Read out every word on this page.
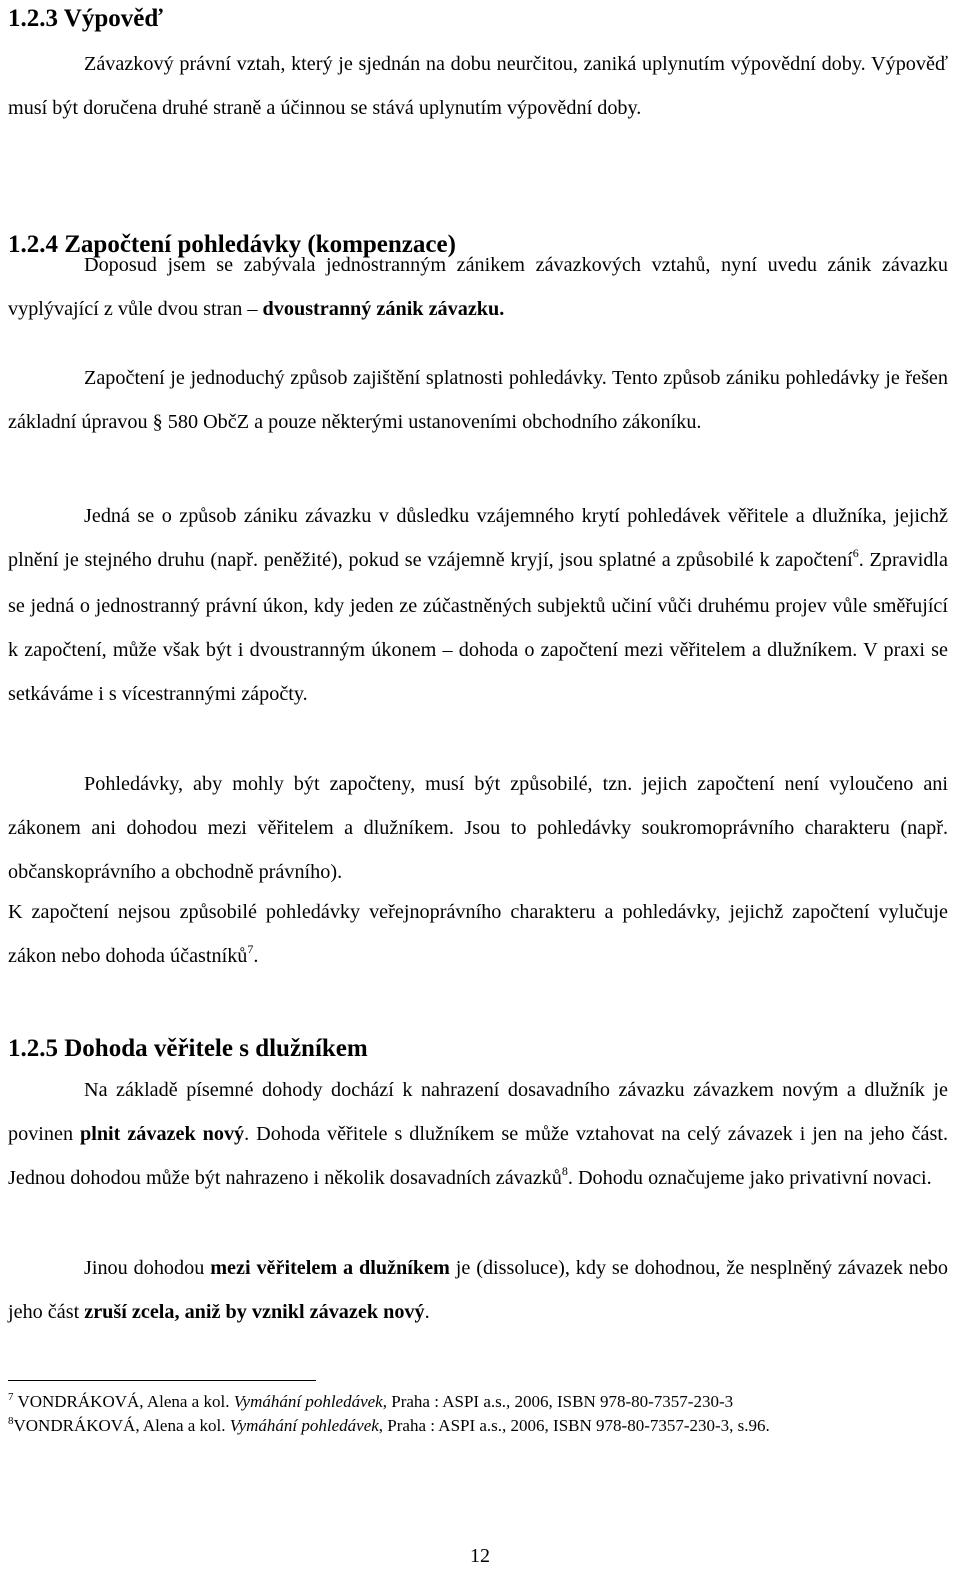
1.2.3 Výpověď

Závazkový právní vztah, který je sjednán na dobu neurčitou, zaniká uplynutím výpovědní doby. Výpověď musí být doručena druhé straně a účinnou se stává uplynutím výpovědní doby.

1.2.4 Započtení pohledávky (kompenzace)

Doposud jsem se zabývala jednostranným zánikem závazkových vztahů, nyní uvedu zánik závazku vyplývající z vůle dvou stran – dvoustranný zánik závazku.

Započtení je jednoduchý způsob zajištění splatnosti pohledávky. Tento způsob zániku pohledávky je řešen základní úpravou § 580 ObčZ a pouze některými ustanoveními obchodního zákoníku.

Jedná se o způsob zániku závazku v důsledku vzájemného krytí pohledávek věřitele a dlužníka, jejichž plnění je stejného druhu (např. peněžité), pokud se vzájemně kryjí, jsou splatné a způsobilé k započtení$^6$. Zpravidla se jedná o jednostranný právní úkon, kdy jeden ze zúčastněných subjektů učiní vůči druhému projev vůle směřující k započtení, může však být i dvoustranným úkonem – dohoda o započtení mezi věřitelem a dlužníkem. V praxi se setkáváme i s vícestrannými zápočty.

Pohledávky, aby mohly být započteny, musí být způsobilé, tzn. jejich započtení není vyloučeno ani zákonem ani dohodou mezi věřitelem a dlužníkem. Jsou to pohledávky soukromoprávního charakteru (např. občanskoprávního a obchodně právního).

K započtení nejsou způsobilé pohledávky veřejnoprávního charakteru a pohledávky, jejichž započtení vylučuje zákon nebo dohoda účastníků$^7$.

1.2.5 Dohoda věřitele s dlužníkem

Na základě písemné dohody dochází k nahrazení dosavadního závazku závazkem novým a dlužník je povinen plnit závazek nový. Dohoda věřitele s dlužníkem se může vztahovat na celý závazek i jen na jeho část. Jednou dohodou může být nahrazeno i několik dosavadních závazků$^8$. Dohodu označujeme jako privativní novaci.

Jinou dohodou mezi věřitelem a dlužníkem je (dissoluce), kdy se dohodnou, že nesplněný závazek nebo jeho část zruší zcela, aniž by vznikl závazek nový.

$^7$ VONDRÁKOVÁ, Alena a kol. Vymáhání pohledávek, Praha : ASPI a.s., 2006, ISBN 978-80-7357-230-3
$^8$VONDRÁKOVÁ, Alena a kol. Vymáhání pohledávek, Praha : ASPI a.s., 2006, ISBN 978-80-7357-230-3, s.96.
12
